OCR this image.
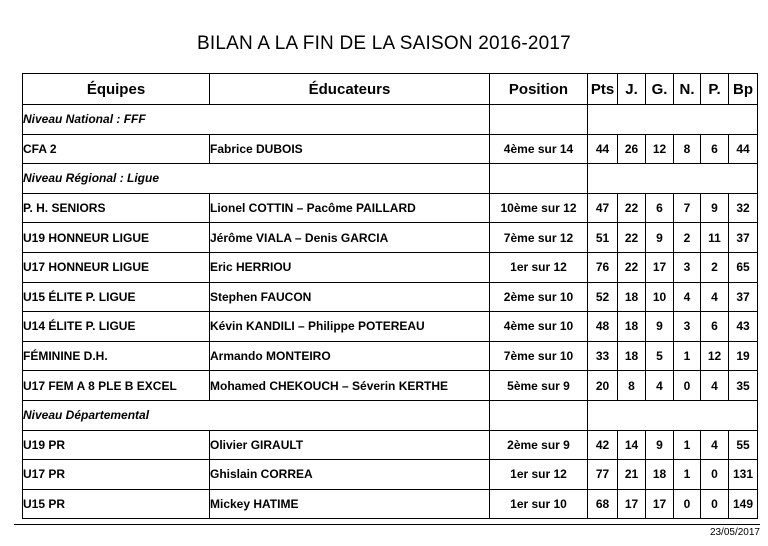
BILAN A LA FIN DE LA SAISON 2016-2017
Équipes	Éducateurs	Position	Pts	J.	G.	N.	P.	Bp
Niveau National : FFF								
CFA 2	Fabrice DUBOIS	4ème sur 14	44	26	12	8	6	44
Niveau Régional : Ligue								
P. H. SENIORS	Lionel COTTIN – Pacôme PAILLARD	10ème sur 12	47	22	6	7	9	32
U19 HONNEUR LIGUE	Jérôme VIALA – Denis GARCIA	7ème sur 12	51	22	9	2	11	37
U17 HONNEUR LIGUE	Eric HERRIOU	1er sur 12	76	22	17	3	2	65
U15 ÉLITE P. LIGUE	Stephen FAUCON	2ème sur 10	52	18	10	4	4	37
U14 ÉLITE P. LIGUE	Kévin KANDILI – Philippe POTEREAU	4ème sur 10	48	18	9	3	6	43
FÉMININE D.H.	Armando MONTEIRO	7ème sur 10	33	18	5	1	12	19
U17 FEM A 8 PLE B EXCEL	Mohamed CHEKOUCH – Séverin KERTHE	5ème sur 9	20	8	4	0	4	35
Niveau Départemental								
U19 PR	Olivier GIRAULT	2ème sur 9	42	14	9	1	4	55
U17 PR	Ghislain CORREA	1er sur 12	77	21	18	1	0	131
U15 PR	Mickey HATIME	1er sur 10	68	17	17	0	0	149
23/05/2017
